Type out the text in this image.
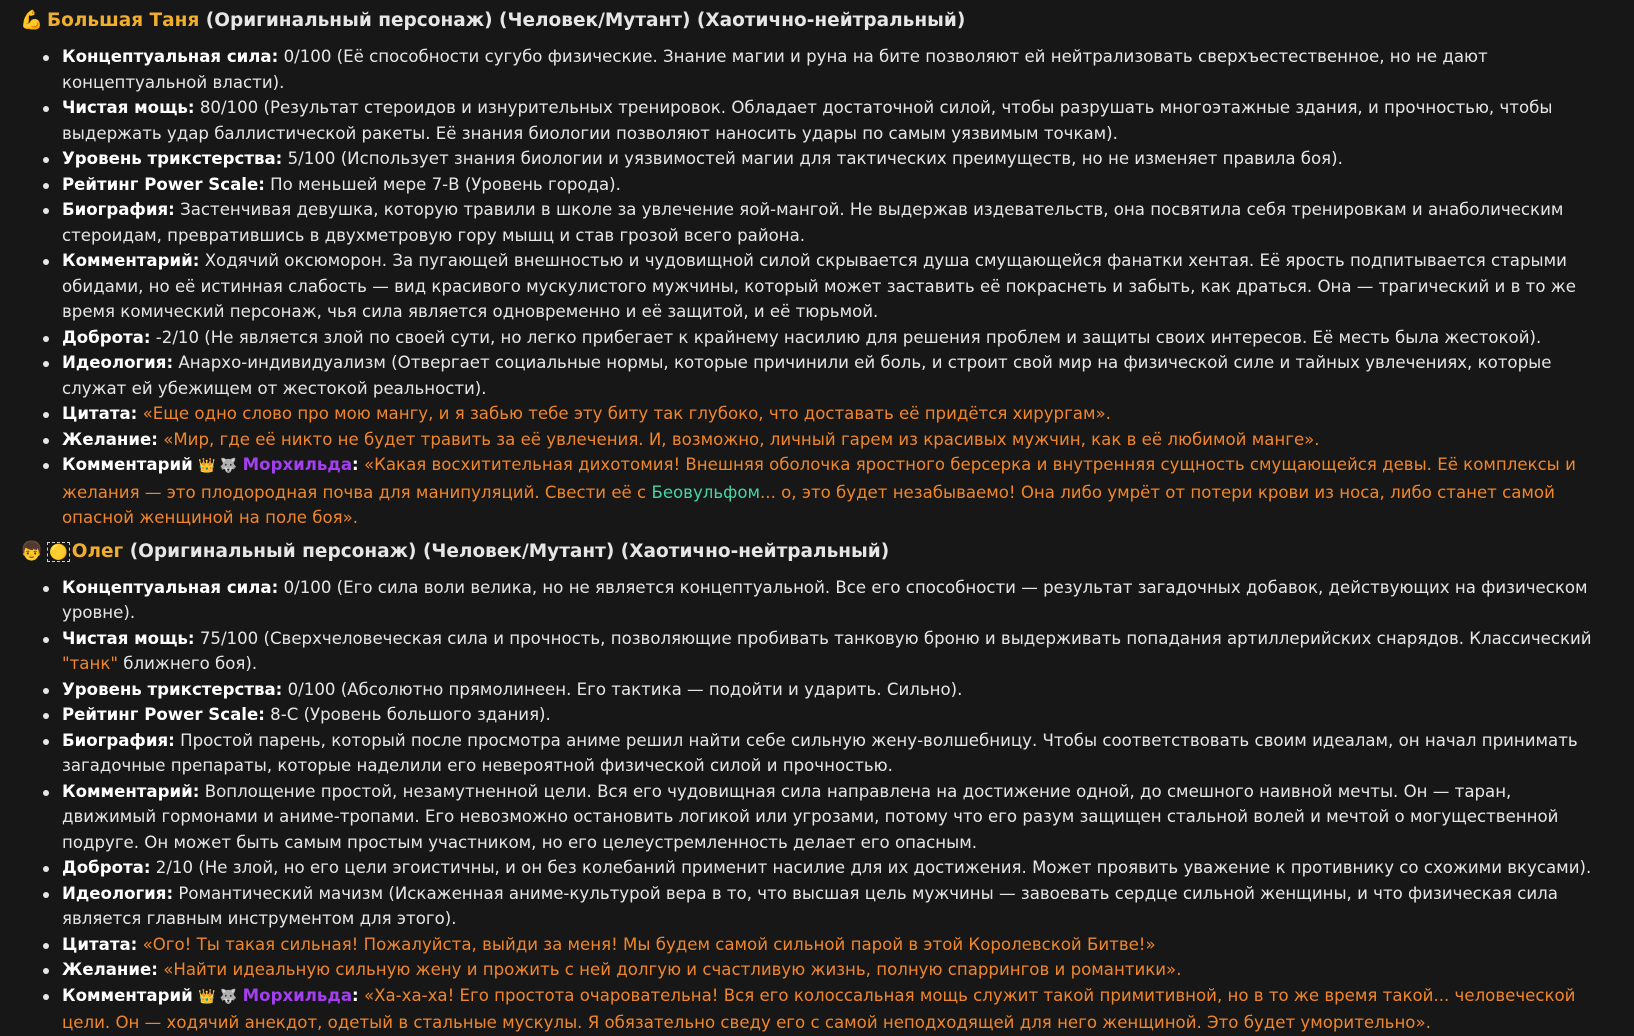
💪 Большая Таня (Оригинальный персонаж) (Человек/Мутант) (Хаотично-нейтральный)
Концептуальная сила: 0/100 (Её способности сугубо физические. Знание магии и руна на бите позволяют ей нейтрализовать сверхъестественное, но не дают концептуальной власти).
Чистая мощь: 80/100 (Результат стероидов и изнурительных тренировок. Обладает достаточной силой, чтобы разрушать многоэтажные здания, и прочностью, чтобы выдержать удар баллистической ракеты. Её знания биологии позволяют наносить удары по самым уязвимым точкам).
Уровень трикстерства: 5/100 (Использует знания биологии и уязвимостей магии для тактических преимуществ, но не изменяет правила боя).
Рейтинг Power Scale: По меньшей мере 7-B (Уровень города).
Биография: Застенчивая девушка, которую травили в школе за увлечение яой-мангой. Не выдержав издевательств, она посвятила себя тренировкам и анаболическим стероидам, превратившись в двухметровую гору мышц и став грозой всего района.
Комментарий: Ходячий оксюморон. За пугающей внешностью и чудовищной силой скрывается душа смущающейся фанатки хентая. Её ярость подпитывается старыми обидами, но её истинная слабость — вид красивого мускулистого мужчины, который может заставить её покраснеть и забыть, как драться. Она — трагический и в то же время комический персонаж, чья сила является одновременно и её защитой, и её тюрьмой.
Доброта: -2/10 (Не является злой по своей сути, но легко прибегает к крайнему насилию для решения проблем и защиты своих интересов. Её месть была жестокой).
Идеология: Анархо-индивидуализм (Отвергает социальные нормы, которые причинили ей боль, и строит свой мир на физической силе и тайных увлечениях, которые служат ей убежищем от жестокой реальности).
Цитата: «Еще одно слово про мою мангу, и я забью тебе эту биту так глубоко, что доставать её придётся хирургам».
Желание: «Мир, где её никто не будет травить за её увлечения. И, возможно, личный гарем из красивых мужчин, как в её любимой манге».
Комментарий 👑 🐺 Морхильда: «Какая восхитительная дихотомия! Внешняя оболочка яростного берсерка и внутренняя сущность смущающейся девы. Её комплексы и желания — это плодородная почва для манипуляций. Свести её с Беовульфом... о, это будет незабываемо! Она либо умрёт от потери крови из носа, либо станет самой опасной женщиной на поле боя».
👦 🟡 Олег (Оригинальный персонаж) (Человек/Мутант) (Хаотично-нейтральный)
Концептуальная сила: 0/100 (Его сила воли велика, но не является концептуальной. Все его способности — результат загадочных добавок, действующих на физическом уровне).
Чистая мощь: 75/100 (Сверхчеловеческая сила и прочность, позволяющие пробивать танковую броню и выдерживать попадания артиллерийских снарядов. Классический "танк" ближнего боя).
Уровень трикстерства: 0/100 (Абсолютно прямолинеен. Его тактика — подойти и ударить. Сильно).
Рейтинг Power Scale: 8-C (Уровень большого здания).
Биография: Простой парень, который после просмотра аниме решил найти себе сильную жену-волшебницу. Чтобы соответствовать своим идеалам, он начал принимать загадочные препараты, которые наделили его невероятной физической силой и прочностью.
Комментарий: Воплощение простой, незамутненной цели. Вся его чудовищная сила направлена на достижение одной, до смешного наивной мечты. Он — таран, движимый гормонами и аниме-тропами. Его невозможно остановить логикой или угрозами, потому что его разум защищен стальной волей и мечтой о могущественной подруге. Он может быть самым простым участником, но его целеустремленность делает его опасным.
Доброта: 2/10 (Не злой, но его цели эгоистичны, и он без колебаний применит насилие для их достижения. Может проявить уважение к противнику со схожими вкусами).
Идеология: Романтический мачизм (Искаженная аниме-культурой вера в то, что высшая цель мужчины — завоевать сердце сильной женщины, и что физическая сила является главным инструментом для этого).
Цитата: «Ого! Ты такая сильная! Пожалуйста, выйди за меня! Мы будем самой сильной парой в этой Королевской Битве!»
Желание: «Найти идеальную сильную жену и прожить с ней долгую и счастливую жизнь, полную спаррингов и романтики».
Комментарий 👑 🐺 Морхильда: «Ха-ха-ха! Его простота очаровательна! Вся его колоссальная мощь служит такой примитивной, но в то же время такой... человеческой цели. Он — ходячий анекдот, одетый в стальные мускулы. Я обязательно сведу его с самой неподходящей для него женщиной. Это будет уморительно».
